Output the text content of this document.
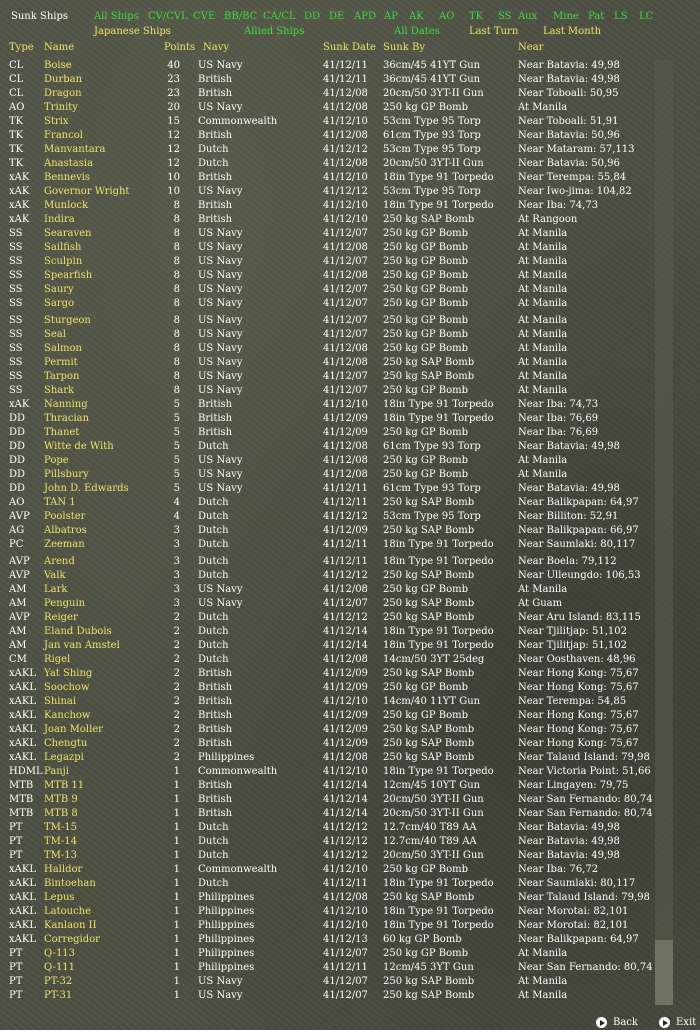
Sunk Ships	All Ships CV/CVL CVE BB/BC CA/CL DD DE APD AP AK AO TK SS Aux Mine Pat LS LC
Japanese Ships	Allied Ships	All Dates	Last Turn Last Month
Type Name	Points Navy	Sunk Date Sunk By	Near
CL Boise	40 US Navy	41/12/11 36cm/45 41YT Gun	Near Batavia: 49,98
CL Durban	23 British	41/12/11 36cm/45 41YT Gun	Near Batavia: 49,98
CL Dragon	23 British	41/12/08 20cm/50 3YT-II Gun	Near Toboali: 50,95
AO Trinity	20 US Navy	41/12/08 250 kg GP Bomb	At Manila
TK Strix	15 Commonwealth	41/12/10 53cm Type 95 Torp	Near Toboali: 51,91
TK Francol	12 British	41/12/08 61cm Type 93 Torp	Near Batavia: 50,96
TK Manvantara	12 Dutch	41/12/12 53cm Type 95 Torp	Near Mataram: 57,113
TK Anastasia	12 Dutch	41/12/08 20cm/50 3YT-II Gun	Near Batavia: 50,96
xAK Bennevis	10 British	41/12/10 18in Type 91 Torpedo Near Terempa: 55,84
xAK Governor Wright	10 US Navy	41/12/12 53cm Type 95 Torp	Near Iwo-jima: 104,82
xAK Munlock	8 British	41/12/10 18in Type 91 Torpedo Near Iba: 74,73
xAK Indira	8 British	41/12/10 250 kg SAP Bomb	At Rangoon
SS Searaven	8 US Navy	41/12/07 250 kg GP Bomb	At Manila
SS Sailfish	8 US Navy	41/12/08 250 kg GP Bomb	At Manila
SS Sculpin	8 US Navy	41/12/07 250 kg GP Bomb	At Manila
SS Spearfish	8 US Navy	41/12/08 250 kg GP Bomb	At Manila
SS Saury	8 US Navy	41/12/07 250 kg GP Bomb	At Manila
SS Sargo	8 US Navy	41/12/07 250 kg GP Bomb	At Manila
SS Sturgeon	8 US Navy	41/12/07 250 kg GP Bomb	At Manila
SS Seal	8 US Navy	41/12/07 250 kg GP Bomb	At Manila
SS Salmon	8 US Navy	41/12/08 250 kg GP Bomb	At Manila
SS Permit	8 US Navy	41/12/08 250 kg SAP Bomb	At Manila
SS Tarpon	8 US Navy	41/12/07 250 kg SAP Bomb	At Manila
SS Shark	8 US Navy	41/12/07 250 kg GP Bomb	At Manila
xAK Nanning	5 British	41/12/10 18in Type 91 Torpedo Near Iba: 74,73
DD Thracian	5 British	41/12/09 18in Type 91 Torpedo Near Iba: 76,69
DD Thanet	5 British	41/12/09 250 kg GP Bomb	Near Iba: 76,69
DD Witte de With	5 Dutch	41/12/08 61cm Type 93 Torp	Near Batavia: 49,98
DD Pope	5 US Navy	41/12/08 250 kg GP Bomb	At Manila
DD Pillsbury	5 US Navy	41/12/08 250 kg GP Bomb	At Manila
DD John D. Edwards	5 US Navy	41/12/11 61cm Type 93 Torp	Near Batavia: 49,98
AO TAN 1	4 Dutch	41/12/11 250 kg SAP Bomb	Near Balikpapan: 64,97
AVP Poolster	4 Dutch	41/12/12 53cm Type 95 Torp	Near Billiton: 52,91
AG Albatros	3 Dutch	41/12/09 250 kg SAP Bomb	Near Balikpapan: 66,97
PC Zeeman	3 Dutch	41/12/11 18in Type 91 Torpedo Near Saumlaki: 80,117
AVP Arend	3 Dutch	41/12/11 18in Type 91 Torpedo Near Boela: 79,112
AVP Valk	3 Dutch	41/12/12 250 kg SAP Bomb	Near Ulleungdo: 106,53
AM Lark	3 US Navy	41/12/08 250 kg GP Bomb	At Manila
AM Penguin	3 US Navy	41/12/07 250 kg SAP Bomb	At Guam
AVP Reiger	2 Dutch	41/12/12 250 kg SAP Bomb	Near Aru Island: 83,115
AM Eland Dubois	2 Dutch	41/12/14 18in Type 91 Torpedo Near Tjilitjap: 51,102
AM Jan van Amstel	2 Dutch	41/12/14 18in Type 91 Torpedo Near Tjilitjap: 51,102
CM Rigel	2 Dutch	41/12/08 14cm/50 3YT 25deg	Near Oosthaven: 48,96
xAKL Yat Shing	2 British	41/12/09 250 kg SAP Bomb	Near Hong Kong: 75,67
xAKL Soochow	2 British	41/12/09 250 kg GP Bomb	Near Hong Kong: 75,67
xAKL Shinai	2 British	41/12/10 14cm/40 11YT Gun	Near Terempa: 54,85
xAKL Kanchow	2 British	41/12/09 250 kg GP Bomb	Near Hong Kong: 75,67
xAKL Joan Moller	2 British	41/12/09 250 kg SAP Bomb	Near Hong Kong: 75,67
xAKL Chengtu	2 British	41/12/09 250 kg SAP Bomb	Near Hong Kong: 75,67
xAKL Legazpi	2 Philippines	41/12/08 250 kg SAP Bomb	Near Talaud Island: 79,98
HDML Panji	1 Commonwealth	41/12/10 18in Type 91 Torpedo Near Victoria Point: 51,66
MTB MTB 11	1 British	41/12/14 12cm/45 10YT Gun	Near Lingayen: 79,75
MTB MTB 9	1 British	41/12/14 20cm/50 3YT-II Gun	Near San Fernando: 80,74
MTB MTB 8	1 British	41/12/14 20cm/50 3YT-II Gun	Near San Fernando: 80,74
PT TM-15	1 Dutch	41/12/12 12.7cm/40 T89 AA	Near Batavia: 49,98
PT TM-14	1 Dutch	41/12/12 12.7cm/40 T89 AA	Near Batavia: 49,98
PT TM-13	1 Dutch	41/12/12 20cm/50 3YT-II Gun	Near Batavia: 49,98
xAKL Halldor	1 Commonwealth	41/12/10 250 kg GP Bomb	Near Iba: 76,72
xAKL Bintoehan	1 Dutch	41/12/11 18in Type 91 Torpedo Near Saumlaki: 80,117
xAKL Lepus	1 Philippines	41/12/08 250 kg SAP Bomb	Near Talaud Island: 79,98
xAKL Latouche	1 Philippines	41/12/10 18in Type 91 Torpedo Near Morotai: 82,101
xAKL Kanlaon II	1 Philippines	41/12/10 18in Type 91 Torpedo Near Morotai: 82,101
xAKL Corregidor	1 Philippines	41/12/13 60 kg GP Bomb	Near Balikpapan: 64,97
PT Q-113	1 Philippines	41/12/07 250 kg GP Bomb	At Manila
PT Q-111	1 Philippines	41/12/11 12cm/45 3YT Gun	Near San Fernando: 80,74
PT PT-32	1 US Navy	41/12/07 250 kg SAP Bomb	At Manila
PT PT-31	1 US Navy	41/12/07 250 kg SAP Bomb	At Manila
Back	Exit
